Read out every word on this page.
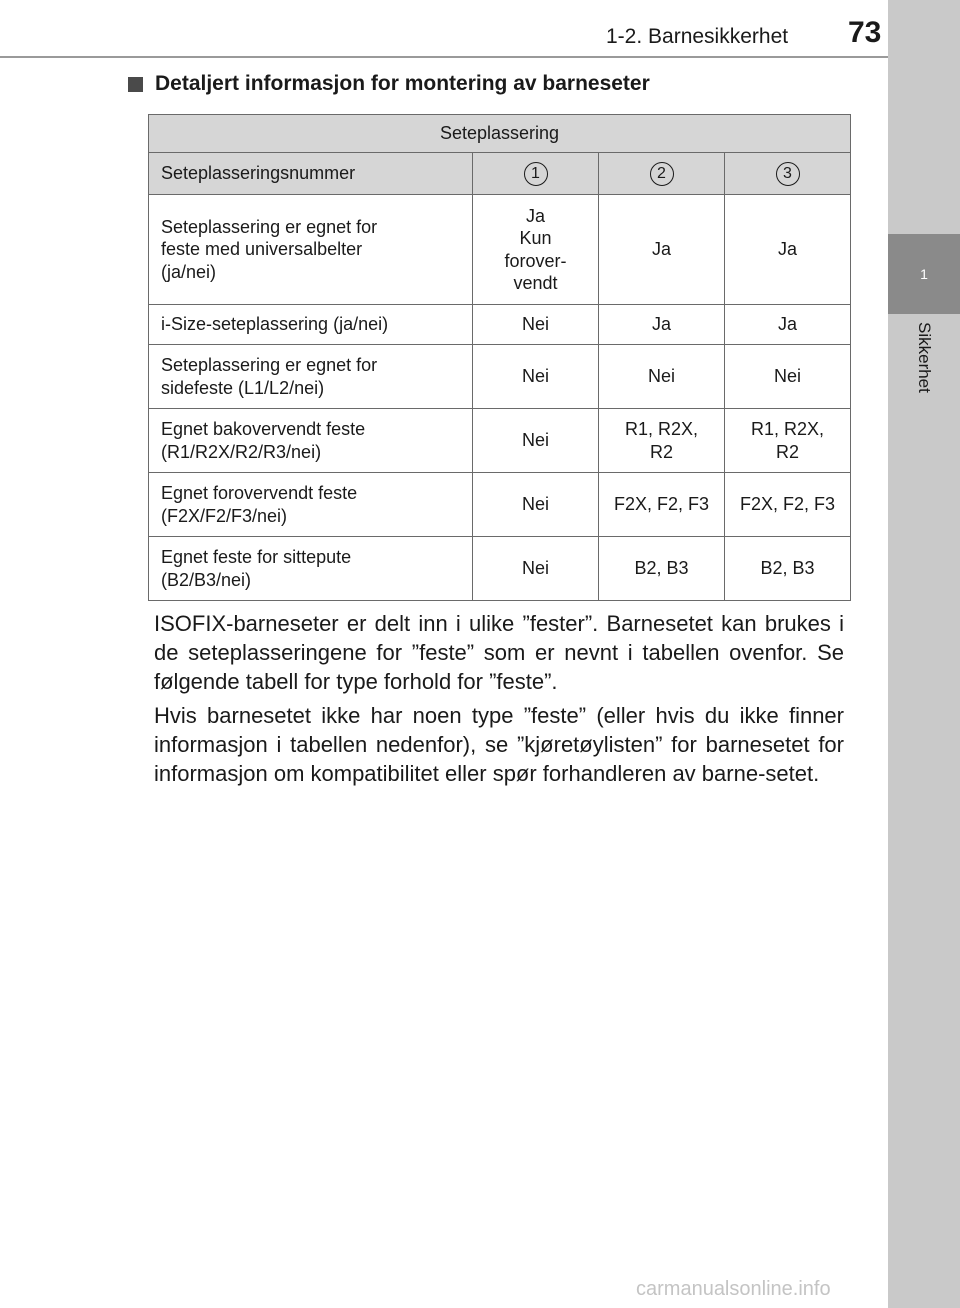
1
Sikkerhet
1-2. Barnesikkerhet 73
Detaljert informasjon for montering av barneseter
Seteplassering			
Seteplasseringsnummer	1	2	3
Seteplassering er egnet for
feste med universalbelter
(ja/nei)	Ja
Kun
forover-
vendt	Ja	Ja
i-Size-seteplassering (ja/nei)	Nei	Ja	Ja
Seteplassering er egnet for
sidefeste (L1/L2/nei)	Nei	Nei	Nei
Egnet bakovervendt feste
(R1/R2X/R2/R3/nei)	Nei	R1, R2X,
R2	R1, R2X,
R2
Egnet forovervendt feste
(F2X/F2/F3/nei)	Nei	F2X, F2, F3	F2X, F2, F3
Egnet feste for sittepute
(B2/B3/nei)	Nei	B2, B3	B2, B3
ISOFIX-barneseter er delt inn i ulike ”fester”. Barnesetet kan brukes i de seteplasseringene for ”feste” som er nevnt i tabellen ovenfor. Se følgende tabell for type forhold for ”feste”.
Hvis barnesetet ikke har noen type ”feste” (eller hvis du ikke finner informasjon i tabellen nedenfor), se ”kjøretøylisten” for barnesetet for informasjon om kompatibilitet eller spør forhandleren av barne-setet.
carmanualsonline.info
